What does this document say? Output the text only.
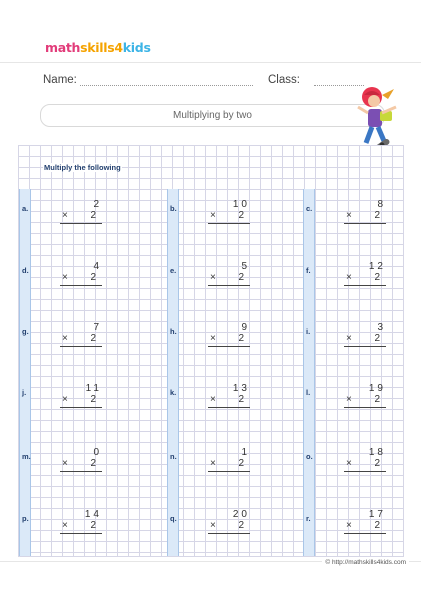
mathskills4kids
Name:	Class:
Multiplying by two
Multiply the following
a.	2
× 2
b.	10
× 2
c.	8
× 2
d.	4
× 2
e.	5
× 2
f.	12
× 2
g.	7
× 2
h.	9
× 2
i.	3
× 2
j.	11
× 2
k.	13
× 2
l.	19
× 2
m.	0
× 2
n.	1
× 2
o.	18
× 2
p.	14
× 2
q.	20
× 2
r.	17
× 2
© http://mathskills4kids.com
